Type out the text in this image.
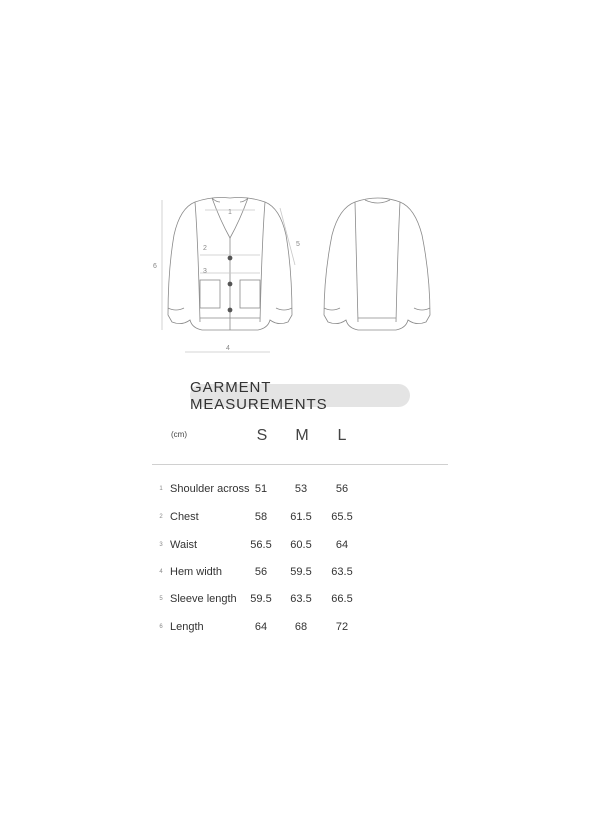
1
2
3
4
5
6
GARMENT MEASUREMENTS
(cm)	S	M	L
1 Shoulder across 51	53	56
2 Chest	58	61.5	65.5
3 Waist	56.5	60.5	64
4 Hem width	56	59.5	63.5
5 Sleeve length	59.5	63.5	66.5
6 Length	64	68	72
